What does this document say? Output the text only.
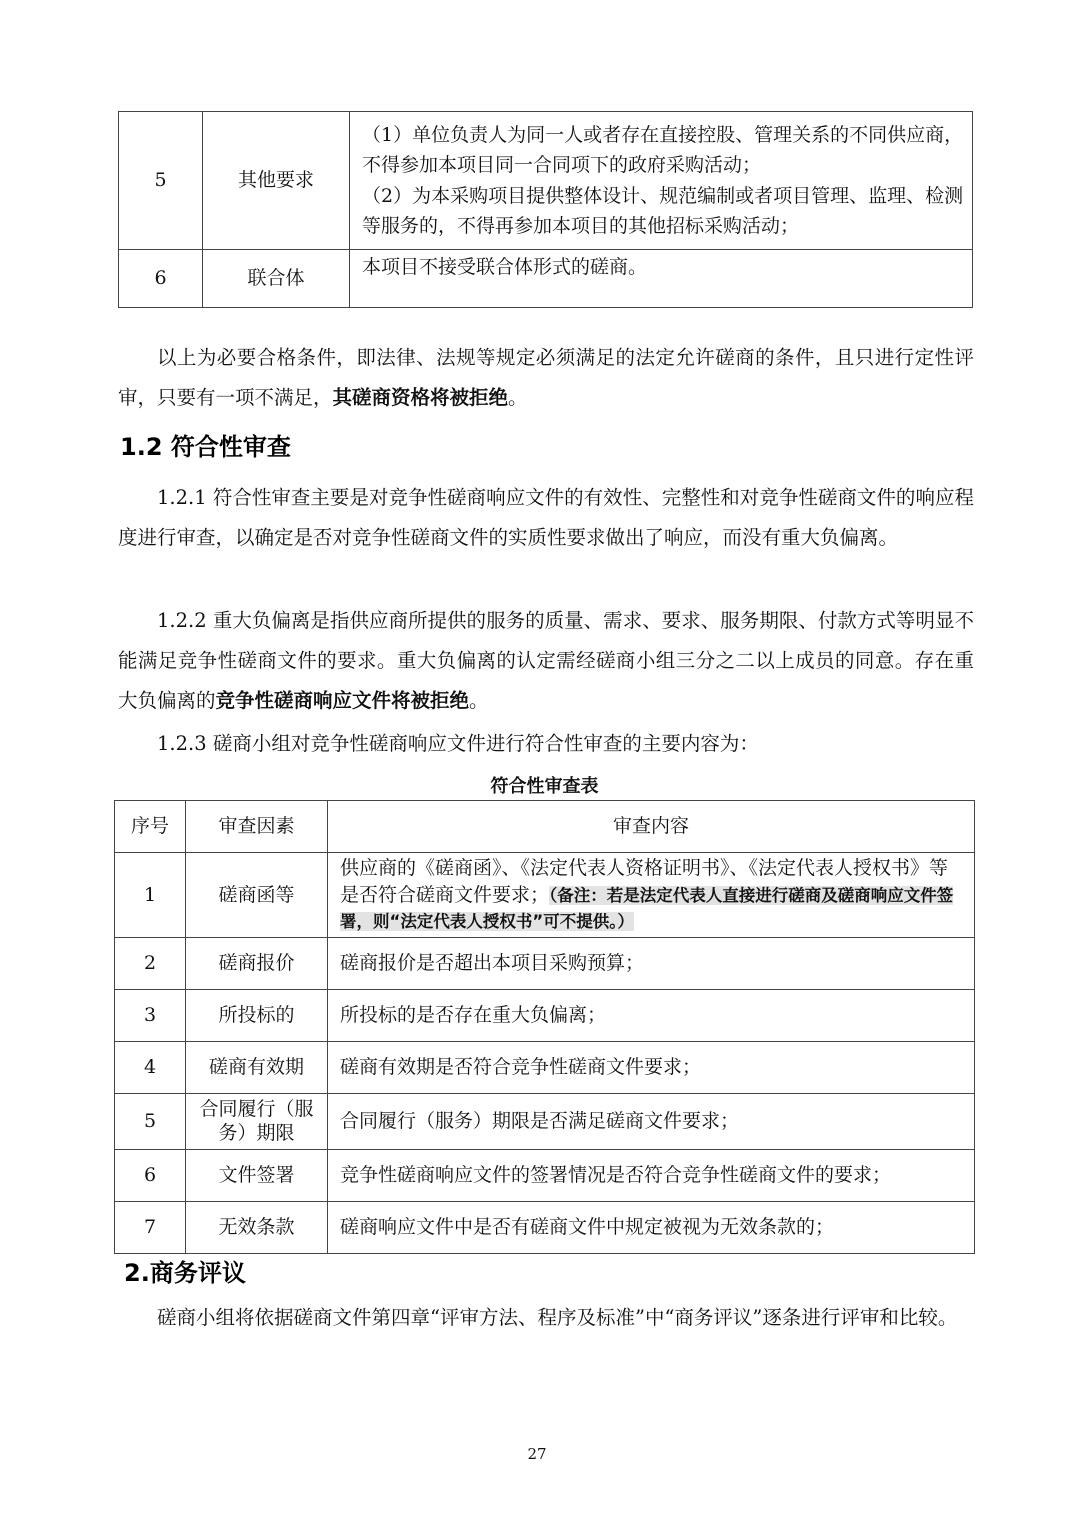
5	其他要求	（1）单位负责人为同一人或者存在直接控股、管理关系的不同供应商，不得参加本项目同一合同项下的政府采购活动；
（2）为本采购项目提供整体设计、规范编制或者项目管理、监理、检测等服务的，不得再参加本项目的其他招标采购活动；

6	联合体	本项目不接受联合体形式的磋商。

以上为必要合格条件，即法律、法规等规定必须满足的法定允许磋商的条件，且只进行定性评审，只要有一项不满足，其磋商资格将被拒绝。

1.2 符合性审查

1.2.1 符合性审查主要是对竞争性磋商响应文件的有效性、完整性和对竞争性磋商文件的响应程度进行审查，以确定是否对竞争性磋商文件的实质性要求做出了响应，而没有重大负偏离。

1.2.2 重大负偏离是指供应商所提供的服务的质量、需求、要求、服务期限、付款方式等明显不能满足竞争性磋商文件的要求。重大负偏离的认定需经磋商小组三分之二以上成员的同意。存在重大负偏离的竞争性磋商响应文件将被拒绝。

1.2.3 磋商小组对竞争性磋商响应文件进行符合性审查的主要内容为：

符合性审查表

序号	审查因素	审查内容
1	磋商函等	供应商的《磋商函》、《法定代表人资格证明书》、《法定代表人授权书》等是否符合磋商文件要求；（备注：若是法定代表人直接进行磋商及磋商响应文件签署，则“法定代表人授权书”可不提供。）
2	磋商报价	磋商报价是否超出本项目采购预算；
3	所投标的	所投标的是否存在重大负偏离；
4	磋商有效期	磋商有效期是否符合竞争性磋商文件要求；
5	合同履行（服务）期限	合同履行（服务）期限是否满足磋商文件要求；
6	文件签署	竞争性磋商响应文件的签署情况是否符合竞争性磋商文件的要求；
7	无效条款	磋商响应文件中是否有磋商文件中规定被视为无效条款的；
2.商务评议

磋商小组将依据磋商文件第四章“评审方法、程序及标准”中“商务评议”逐条进行评审和比较。

27
